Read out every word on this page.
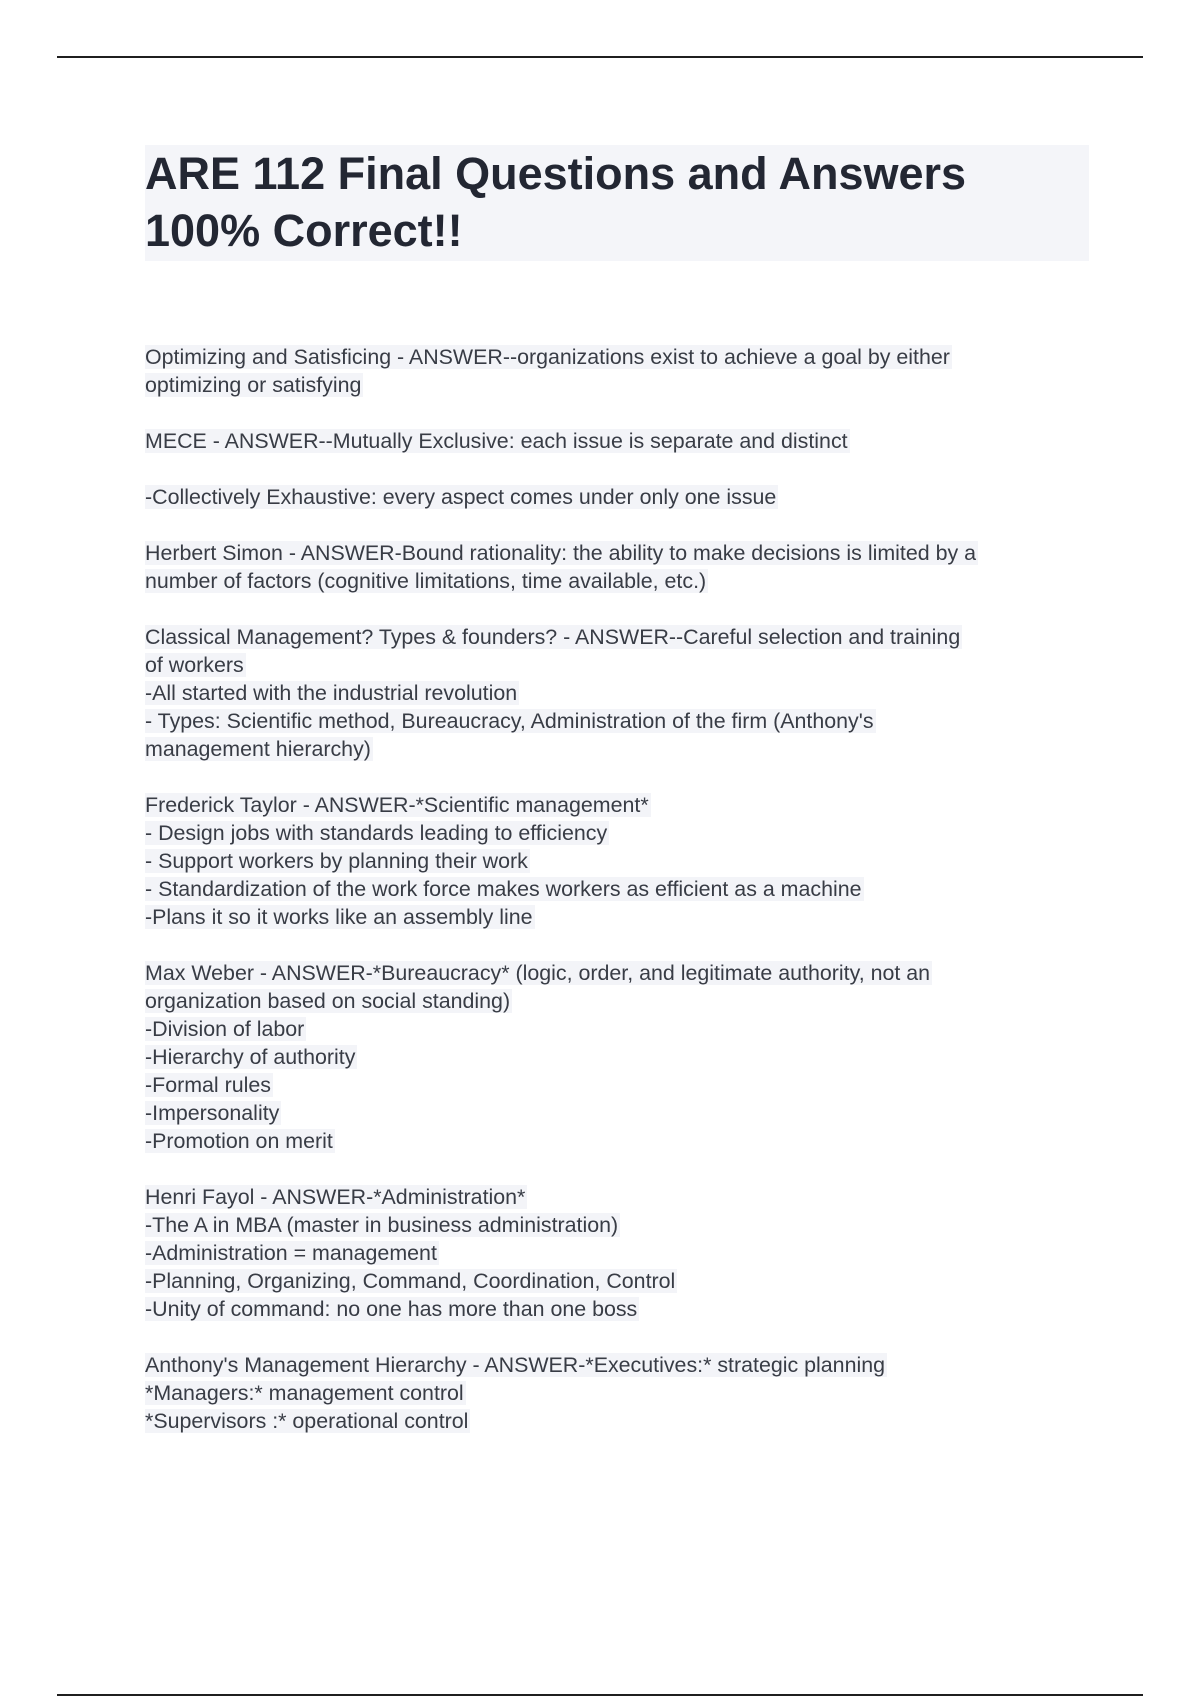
ARE 112 Final Questions and Answers 100% Correct!!
Optimizing and Satisficing - ANSWER--organizations exist to achieve a goal by either
optimizing or satisfying
MECE - ANSWER--Mutually Exclusive: each issue is separate and distinct
-Collectively Exhaustive: every aspect comes under only one issue
Herbert Simon - ANSWER-Bound rationality: the ability to make decisions is limited by a
number of factors (cognitive limitations, time available, etc.)
Classical Management? Types & founders? - ANSWER--Careful selection and training
of workers
-All started with the industrial revolution
- Types: Scientific method, Bureaucracy, Administration of the firm (Anthony's
management hierarchy)
Frederick Taylor - ANSWER-*Scientific management*
- Design jobs with standards leading to efficiency
- Support workers by planning their work
- Standardization of the work force makes workers as efficient as a machine
-Plans it so it works like an assembly line
Max Weber - ANSWER-*Bureaucracy* (logic, order, and legitimate authority, not an
organization based on social standing)
-Division of labor
-Hierarchy of authority
-Formal rules
-Impersonality
-Promotion on merit
Henri Fayol - ANSWER-*Administration*
-The A in MBA (master in business administration)
-Administration = management
-Planning, Organizing, Command, Coordination, Control
-Unity of command: no one has more than one boss
Anthony's Management Hierarchy - ANSWER-*Executives:* strategic planning
*Managers:* management control
*Supervisors :* operational control
